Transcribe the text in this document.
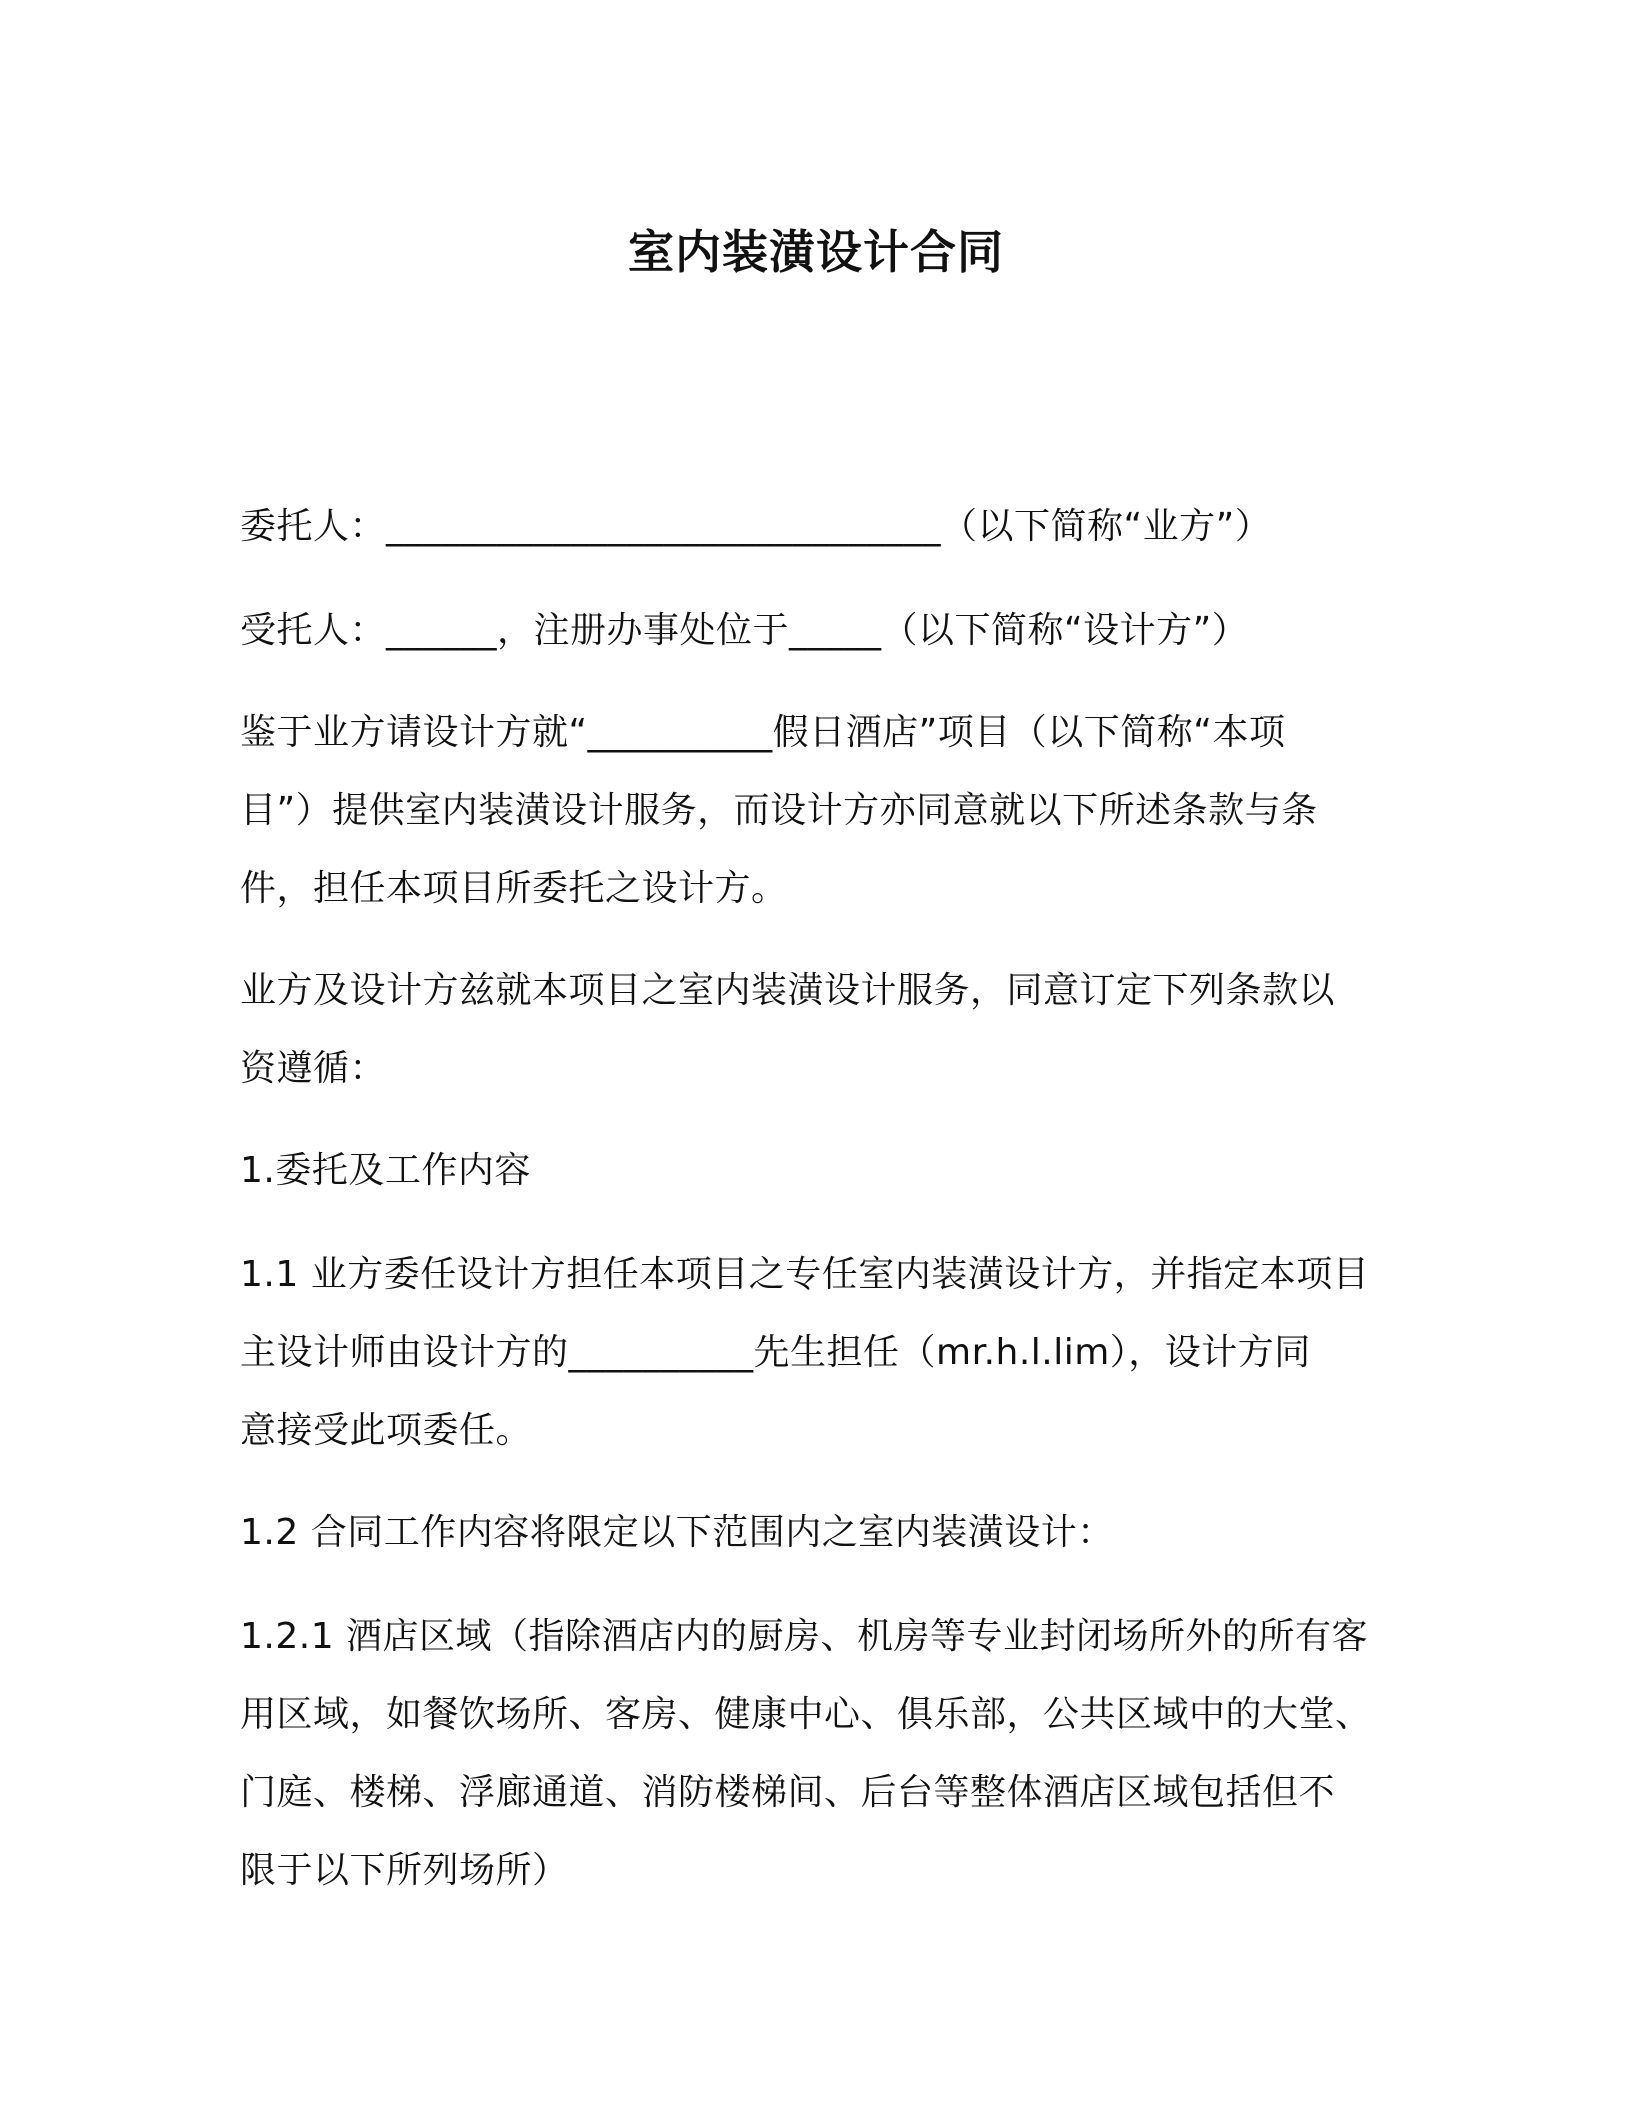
室内装潢设计合同

委托人：______________________________（以下简称“业方”）

受托人：______，注册办事处位于_____（以下简称“设计方”）

鉴于业方请设计方就“__________假日酒店”项目（以下简称“本项
目”）提供室内装潢设计服务，而设计方亦同意就以下所述条款与条
件，担任本项目所委托之设计方。

业方及设计方兹就本项目之室内装潢设计服务，同意订定下列条款以
资遵循：

1.委托及工作内容

1.1 业方委任设计方担任本项目之专任室内装潢设计方，并指定本项目
主设计师由设计方的__________先生担任（mr.h.l.lim），设计方同
意接受此项委任。

1.2 合同工作内容将限定以下范围内之室内装潢设计：

1.2.1 酒店区域（指除酒店内的厨房、机房等专业封闭场所外的所有客
用区域，如餐饮场所、客房、健康中心、俱乐部，公共区域中的大堂、
门庭、楼梯、浮廊通道、消防楼梯间、后台等整体酒店区域包括但不
限于以下所列场所）
